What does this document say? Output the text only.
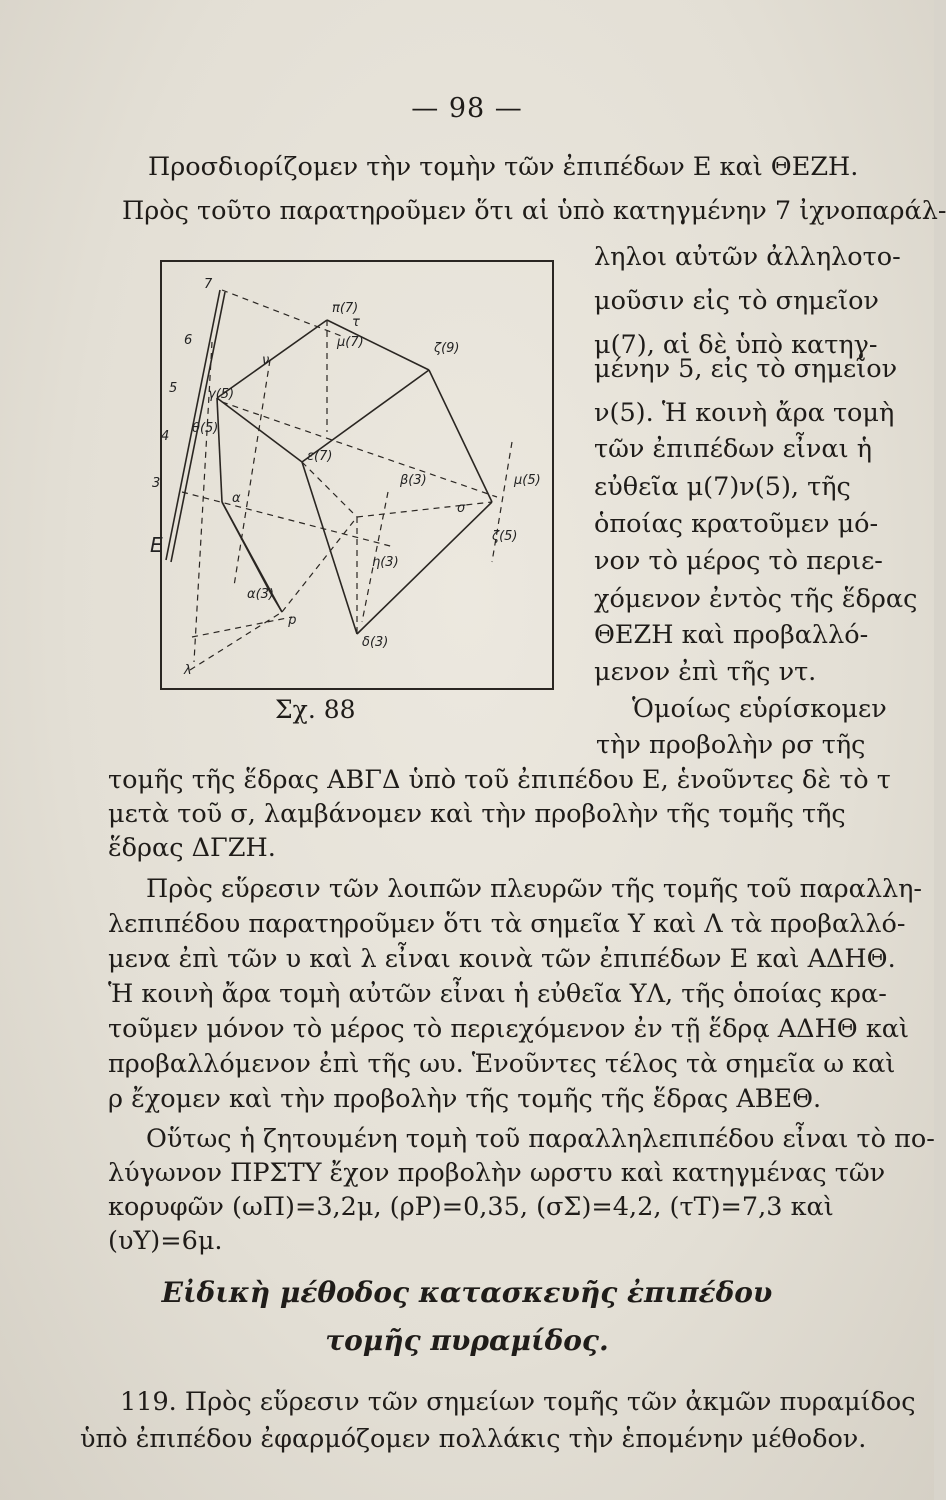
— 98 —
Προσδιορίζομεν τὴν τομὴν τῶν ἐπιπέδων Ε καὶ ΘΕΖΗ.
Πρὸς τοῦτο παρατηροῦμεν ὅτι αἱ ὑπὸ κατηγμένην 7 ἰχνοπαράλ-
7
6
5
4
3
E
π(7)
τ
μ(7)	ζ(9)
ν
γ(5)
θ(5)
ε(7)
β(3)	μ(5)
σ
ζ(5)
α
η(3)
α(3)
ρ
δ(3)
λ
ληλοι αὐτῶν ἀλληλοτο-
μοῦσιν εἰς τὸ σημεῖον
μ(7), αἱ δὲ ὑπὸ κατηγ-
μένην 5, εἰς τὸ σημεῖον
ν(5). Ἡ κοινὴ ἄρα τομὴ
τῶν ἐπιπέδων εἶναι ἡ
εὐθεῖα μ(7)ν(5), τῆς
ὁποίας κρατοῦμεν μό-
νον τὸ μέρος τὸ περιε-
χόμενον ἐντὸς τῆς ἕδρας
ΘΕΖΗ καὶ προβαλλό-
μενον ἐπὶ τῆς ντ.
Ὁμοίως εὑρίσκομεν
τὴν προβολὴν ρσ τῆς
Σχ. 88
τομῆς τῆς ἕδρας ΑΒΓΔ ὑπὸ τοῦ ἐπιπέδου Ε, ἑνοῦντες δὲ τὸ τ
μετὰ τοῦ σ, λαμβάνομεν καὶ τὴν προβολὴν τῆς τομῆς τῆς
ἕδρας ΔΓΖΗ.
Πρὸς εὕρεσιν τῶν λοιπῶν πλευρῶν τῆς τομῆς τοῦ παραλλη-
λεπιπέδου παρατηροῦμεν ὅτι τὰ σημεῖα Υ καὶ Λ τὰ προβαλλό-
μενα ἐπὶ τῶν υ καὶ λ εἶναι κοινὰ τῶν ἐπιπέδων Ε καὶ ΑΔΗΘ.
Ἡ κοινὴ ἄρα τομὴ αὐτῶν εἶναι ἡ εὐθεῖα ΥΛ, τῆς ὁποίας κρα-
τοῦμεν μόνον τὸ μέρος τὸ περιεχόμενον ἐν τῇ ἕδρᾳ ΑΔΗΘ καὶ
προβαλλόμενον ἐπὶ τῆς ωυ. Ἑνοῦντες τέλος τὰ σημεῖα ω καὶ
ρ ἔχομεν καὶ τὴν προβολὴν τῆς τομῆς τῆς ἕδρας ΑΒΕΘ.
Οὕτως ἡ ζητουμένη τομὴ τοῦ παραλληλεπιπέδου εἶναι τὸ πο-
λύγωνον ΠΡΣΤΥ ἔχον προβολὴν ωρστυ καὶ κατηγμένας τῶν
κορυφῶν (ωΠ)=3,2μ, (ρΡ)=0,35, (σΣ)=4,2, (τΤ)=7,3 καὶ
(υΥ)=6μ.
Εἰδικὴ μέθοδος κατασκευῆς ἐπιπέδου
τομῆς πυραμίδος.
119. Πρὸς εὕρεσιν τῶν σημείων τομῆς τῶν ἀκμῶν πυραμίδος
ὑπὸ ἐπιπέδου ἐφαρμόζομεν πολλάκις τὴν ἑπομένην μέθοδον.
